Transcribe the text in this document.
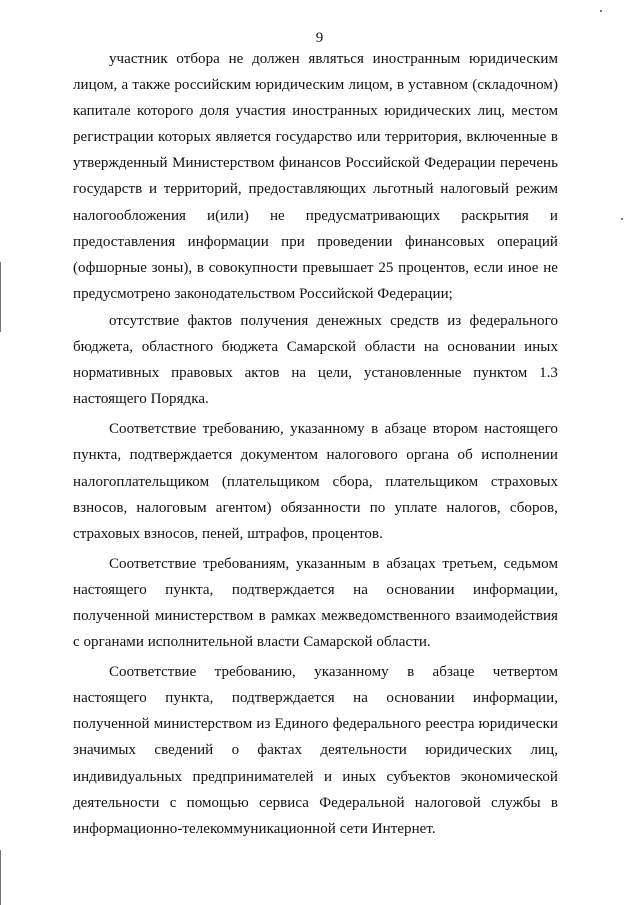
9

участник отбора не должен являться иностранным юридическим лицом, а также российским юридическим лицом, в уставном (складочном) капитале которого доля участия иностранных юридических лиц, местом регистрации которых является государство или территория, включенные в утвержденный Министерством финансов Российской Федерации перечень государств и территорий, предоставляющих льготный налоговый режим налогообложения и(или) не предусматривающих раскрытия и предоставления информации при проведении финансовых операций (офшорные зоны), в совокупности превышает 25 процентов, если иное не предусмотрено законодательством Российской Федерации;

отсутствие фактов получения денежных средств из федерального бюджета, областного бюджета Самарской области на основании иных нормативных правовых актов на цели, установленные пунктом 1.3 настоящего Порядка.

Соответствие требованию, указанному в абзаце втором настоящего пункта, подтверждается документом налогового органа об исполнении налогоплательщиком (плательщиком сбора, плательщиком страховых взносов, налоговым агентом) обязанности по уплате налогов, сборов, страховых взносов, пеней, штрафов, процентов.

Соответствие требованиям, указанным в абзацах третьем, седьмом настоящего пункта, подтверждается на основании информации, полученной министерством в рамках межведомственного взаимодействия с органами исполнительной власти Самарской области.

Соответствие требованию, указанному в абзаце четвертом настоящего пункта, подтверждается на основании информации, полученной министерством из Единого федерального реестра юридически значимых сведений о фактах деятельности юридических лиц, индивидуальных предпринимателей и иных субъектов экономической деятельности с помощью сервиса Федеральной налоговой службы в информационно-телекоммуникационной сети Интернет.
